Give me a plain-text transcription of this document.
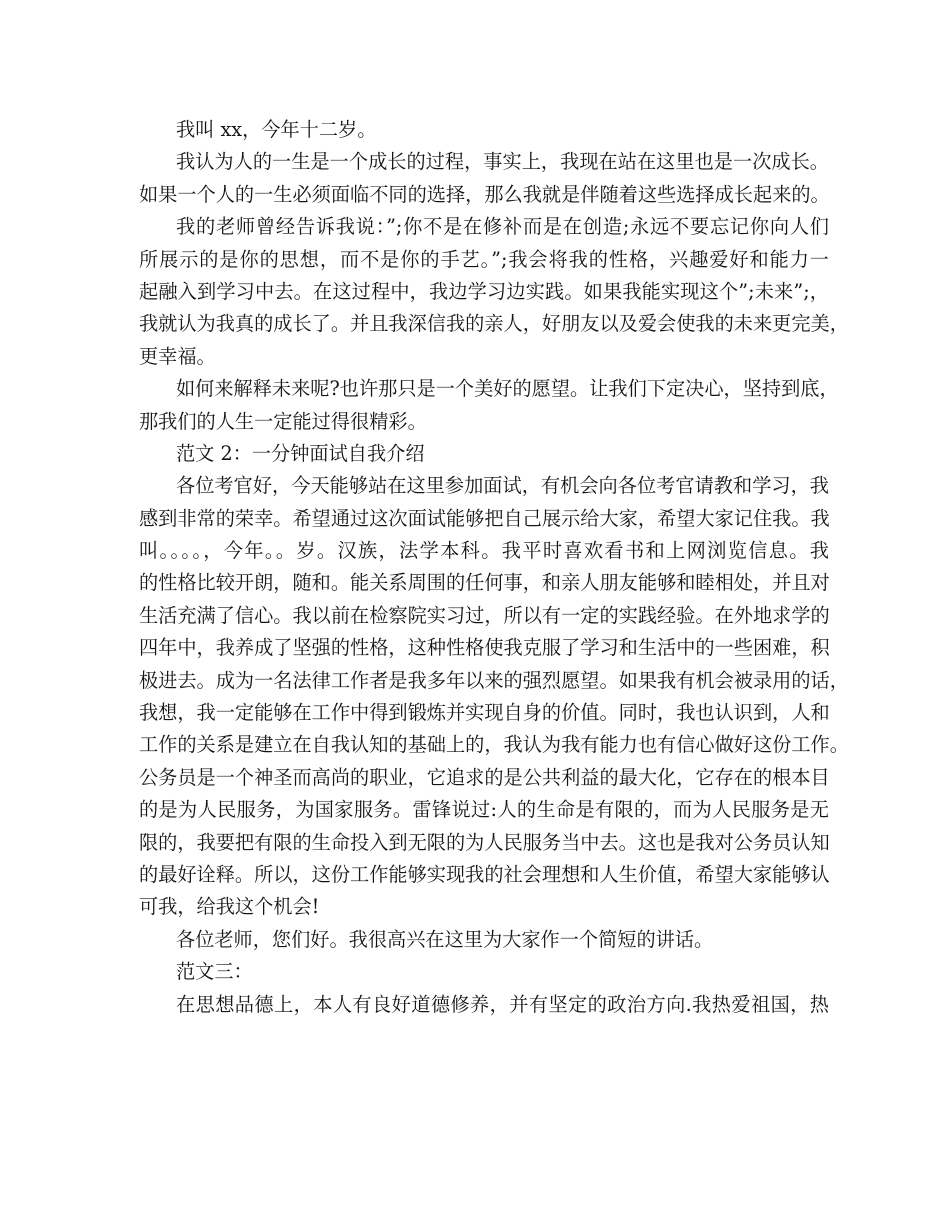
我叫 xx，今年十二岁。
我认为人的一生是一个成长的过程，事实上，我现在站在这里也是一次成长。
如果一个人的一生必须面临不同的选择，那么我就是伴随着这些选择成长起来的。
我的老师曾经告诉我说：”;你不是在修补而是在创造;永远不要忘记你向人们
所展示的是你的思想，而不是你的手艺。”;我会将我的性格，兴趣爱好和能力一
起融入到学习中去。在这过程中，我边学习边实践。如果我能实现这个”;未来”;，
我就认为我真的成长了。并且我深信我的亲人，好朋友以及爱会使我的未来更完美，
更幸福。
如何来解释未来呢?也许那只是一个美好的愿望。让我们下定决心，坚持到底，
那我们的人生一定能过得很精彩。
范文 2：一分钟面试自我介绍
各位考官好，今天能够站在这里参加面试，有机会向各位考官请教和学习，我
感到非常的荣幸。希望通过这次面试能够把自己展示给大家，希望大家记住我。我
叫。。。。，今年。。岁。汉族，法学本科。我平时喜欢看书和上网浏览信息。我
的性格比较开朗，随和。能关系周围的任何事，和亲人朋友能够和睦相处，并且对
生活充满了信心。我以前在检察院实习过，所以有一定的实践经验。在外地求学的
四年中，我养成了坚强的性格，这种性格使我克服了学习和生活中的一些困难，积
极进去。成为一名法律工作者是我多年以来的强烈愿望。如果我有机会被录用的话，
我想，我一定能够在工作中得到锻炼并实现自身的价值。同时，我也认识到，人和
工作的关系是建立在自我认知的基础上的，我认为我有能力也有信心做好这份工作。
公务员是一个神圣而高尚的职业，它追求的是公共利益的最大化，它存在的根本目
的是为人民服务，为国家服务。雷锋说过:人的生命是有限的，而为人民服务是无
限的，我要把有限的生命投入到无限的为人民服务当中去。这也是我对公务员认知
的最好诠释。所以，这份工作能够实现我的社会理想和人生价值，希望大家能够认
可我，给我这个机会!
各位老师，您们好。我很高兴在这里为大家作一个简短的讲话。
范文三：
在思想品德上，本人有良好道德修养，并有坚定的政治方向.我热爱祖国，热
